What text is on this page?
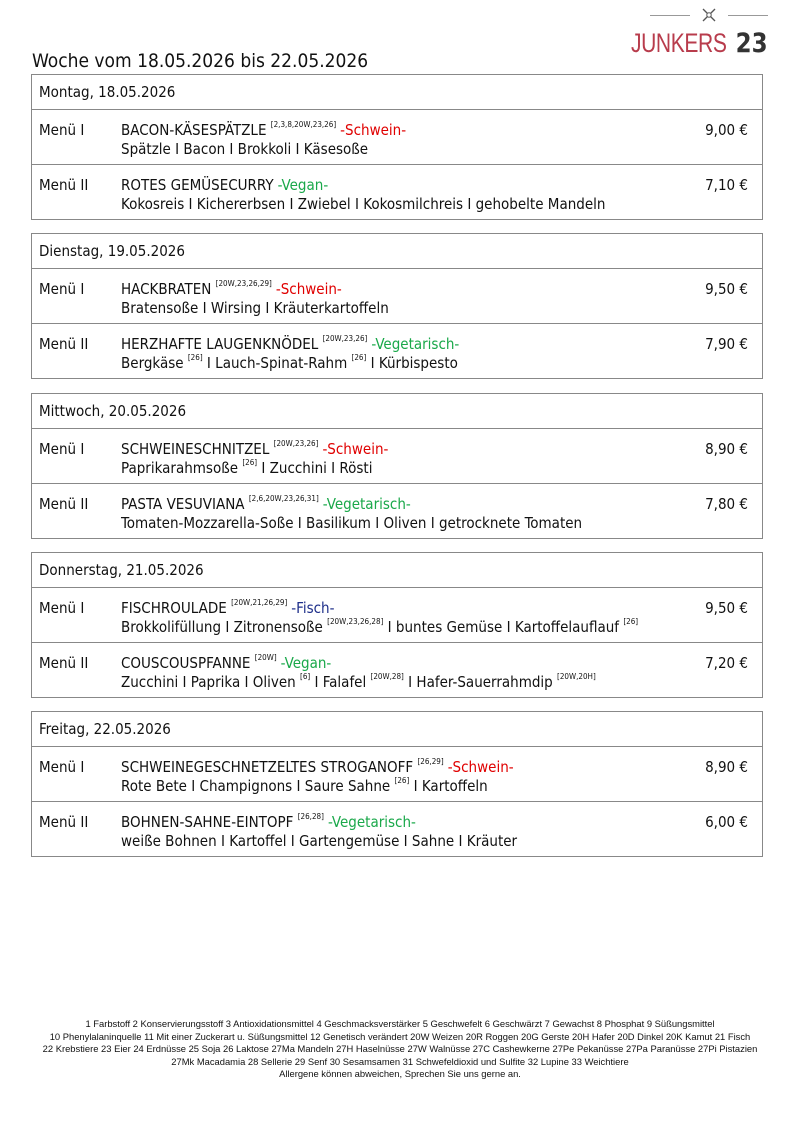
JUNKERS 23
Woche vom 18.05.2026 bis 22.05.2026
Montag, 18.05.2026
Menü I BACON-KÄSESPÄTZLE [2,3,8,20W,23,26] -Schwein-
Spätzle I Bacon I Brokkoli I Käsesoße
9,00 €
Menü II ROTES GEMÜSECURRY -Vegan-
Kokosreis I Kichererbsen I Zwiebel I Kokosmilchreis I gehobelte Mandeln
7,10 €
Dienstag, 19.05.2026
Menü I HACKBRATEN [20W,23,26,29] -Schwein-
Bratensoße I Wirsing I Kräuterkartoffeln
9,50 €
Menü II HERZHAFTE LAUGENKNÖDEL [20W,23,26] -Vegetarisch-
Bergkäse [26] I Lauch-Spinat-Rahm [26] I Kürbispesto
7,90 €
Mittwoch, 20.05.2026
Menü I SCHWEINESCHNITZEL [20W,23,26] -Schwein-
Paprikarahmsoße [26] I Zucchini I Rösti
8,90 €
Menü II PASTA VESUVIANA [2,6,20W,23,26,31] -Vegetarisch-
Tomaten-Mozzarella-Soße I Basilikum I Oliven I getrocknete Tomaten
7,80 €
Donnerstag, 21.05.2026
Menü I FISCHROULADE [20W,21,26,29] -Fisch-
Brokkolifüllung I Zitronensoße [20W,23,26,28] I buntes Gemüse I Kartoffelauflauf [26]
9,50 €
Menü II COUSCOUSPFANNE [20W] -Vegan-
Zucchini I Paprika I Oliven [6] I Falafel [20W,28] I Hafer-Sauerrahmdip [20W,20H]
7,20 €
Freitag, 22.05.2026
Menü I SCHWEINEGESCHNETZELTES STROGANOFF [26,29] -Schwein-
Rote Bete I Champignons I Saure Sahne [26] I Kartoffeln
8,90 €
Menü II BOHNEN-SAHNE-EINTOPF [26,28] -Vegetarisch-
weiße Bohnen I Kartoffel I Gartengemüse I Sahne I Kräuter
6,00 €
1 Farbstoff 2 Konservierungsstoff 3 Antioxidationsmittel 4 Geschmacksverstärker 5 Geschwefelt 6 Geschwärzt 7 Gewachst 8 Phosphat 9 Süßungsmittel
10 Phenylalaninquelle 11 Mit einer Zuckerart u. Süßungsmittel 12 Genetisch verändert 20W Weizen 20R Roggen 20G Gerste 20H Hafer 20D Dinkel 20K Kamut 21 Fisch
22 Krebstiere 23 Eier 24 Erdnüsse 25 Soja 26 Laktose 27Ma Mandeln 27H Haselnüsse 27W Walnüsse 27C Cashewkerne 27Pe Pekanüsse 27Pa Paranüsse 27Pi Pistazien
27Mk Macadamia 28 Sellerie 29 Senf 30 Sesamsamen 31 Schwefeldioxid und Sulfite 32 Lupine 33 Weichtiere
Allergene können abweichen, Sprechen Sie uns gerne an.
